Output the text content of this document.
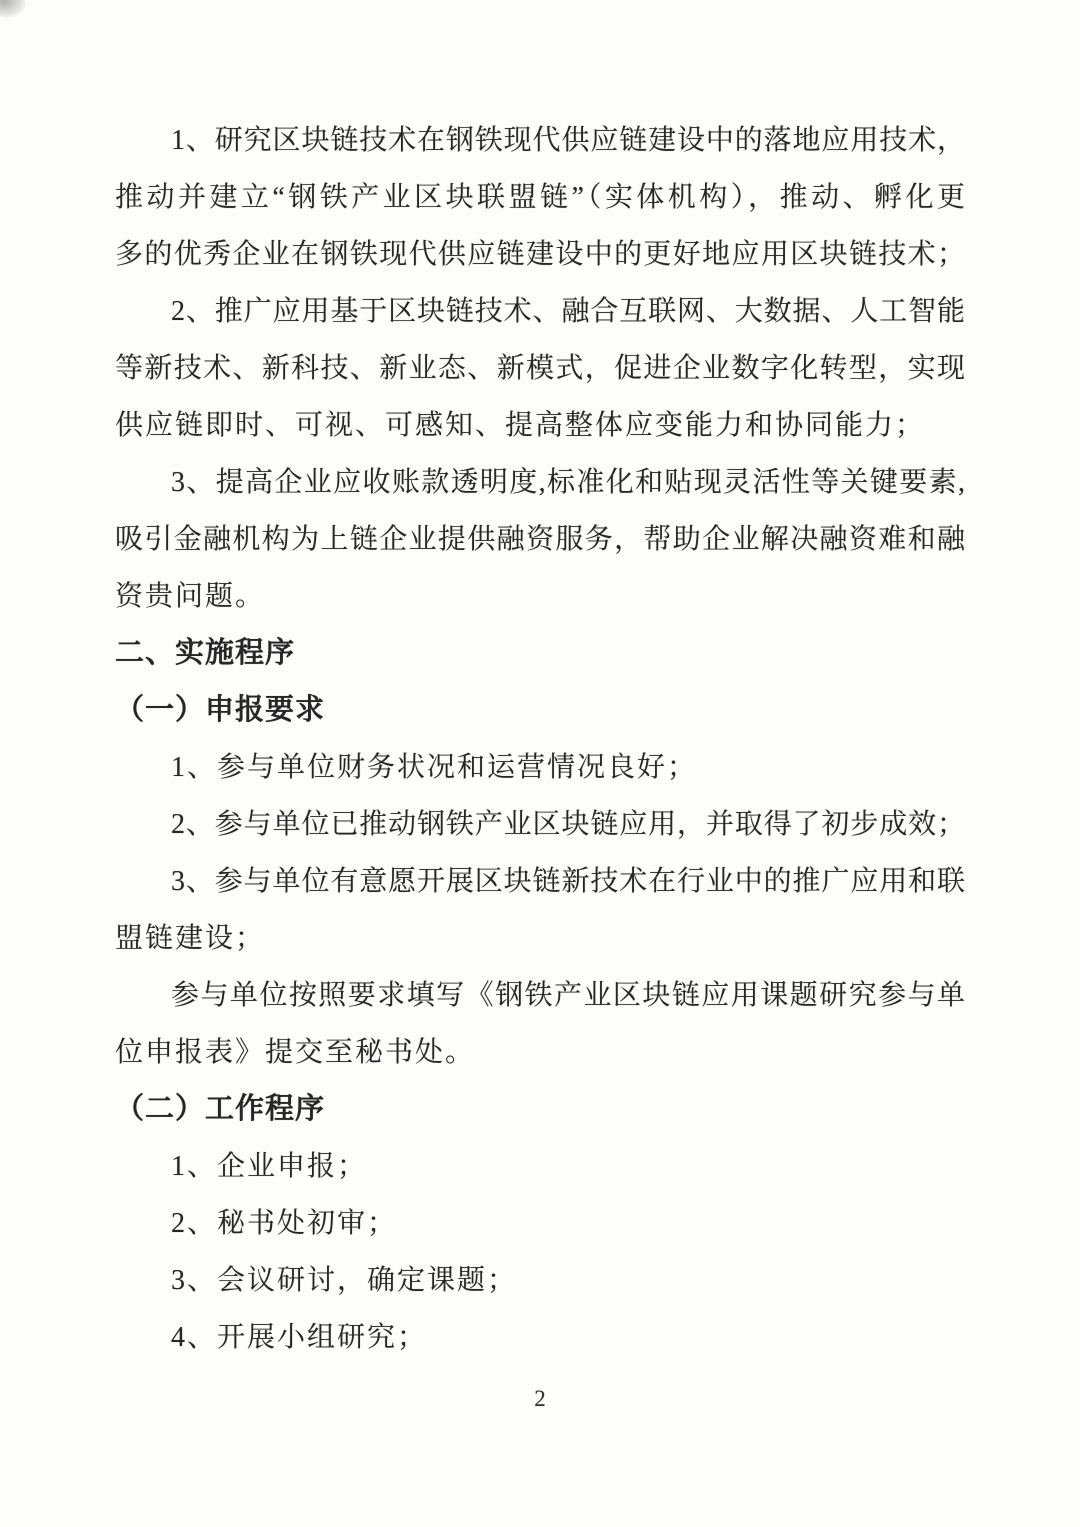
1、研究区块链技术在钢铁现代供应链建设中的落地应用技术，
推动并建立“钢铁产业区块联盟链”（实体机构），推动、孵化更
多的优秀企业在钢铁现代供应链建设中的更好地应用区块链技术；
2、推广应用基于区块链技术、融合互联网、大数据、人工智能
等新技术、新科技、新业态、新模式，促进企业数字化转型，实现
供应链即时、可视、可感知、提高整体应变能力和协同能力；
3、提高企业应收账款透明度,标准化和贴现灵活性等关键要素,
吸引金融机构为上链企业提供融资服务，帮助企业解决融资难和融
资贵问题。
二、实施程序
（一）申报要求
1、参与单位财务状况和运营情况良好；
2、参与单位已推动钢铁产业区块链应用，并取得了初步成效；
3、参与单位有意愿开展区块链新技术在行业中的推广应用和联
盟链建设；
参与单位按照要求填写《钢铁产业区块链应用课题研究参与单
位申报表》提交至秘书处。
（二）工作程序
1、企业申报；
2、秘书处初审；
3、会议研讨，确定课题；
4、开展小组研究；
2
